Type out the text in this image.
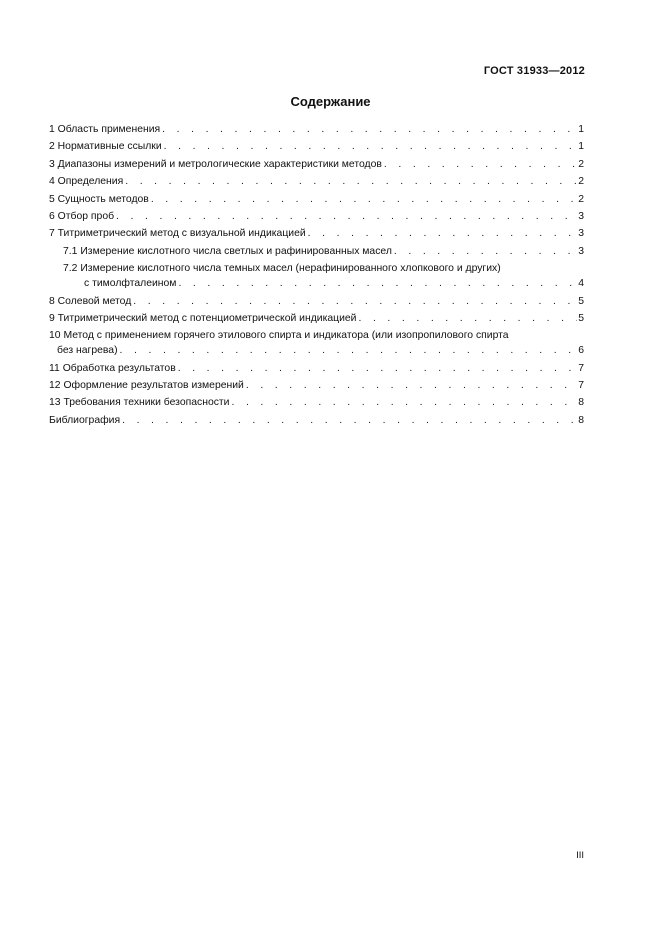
ГОСТ 31933—2012
Содержание
1 Область применения . . .	1
2 Нормативные ссылки . . .	1
3 Диапазоны измерений и метрологические характеристики методов . . .	2
4 Определения . . .	2
5 Сущность методов . . .	2
6 Отбор проб . . .	3
7 Титриметрический метод с визуальной индикацией . . .	3
7.1 Измерение кислотного числа светлых и рафинированных масел . . .	3
7.2 Измерение кислотного числа темных масел (нерафинированного хлопкового и других)
с тимолфталеином . . .	4
8 Солевой метод . . .	5
9 Титриметрический метод с потенциометрической индикацией . . .	5
10 Метод с применением горячего этилового спирта и индикатора (или изопропилового спирта
без нагрева) . . .	6
11 Обработка результатов . . .	7
12 Оформление результатов измерений . . .	7
13 Требования техники безопасности . . .	8
Библиография . . .	8
III
